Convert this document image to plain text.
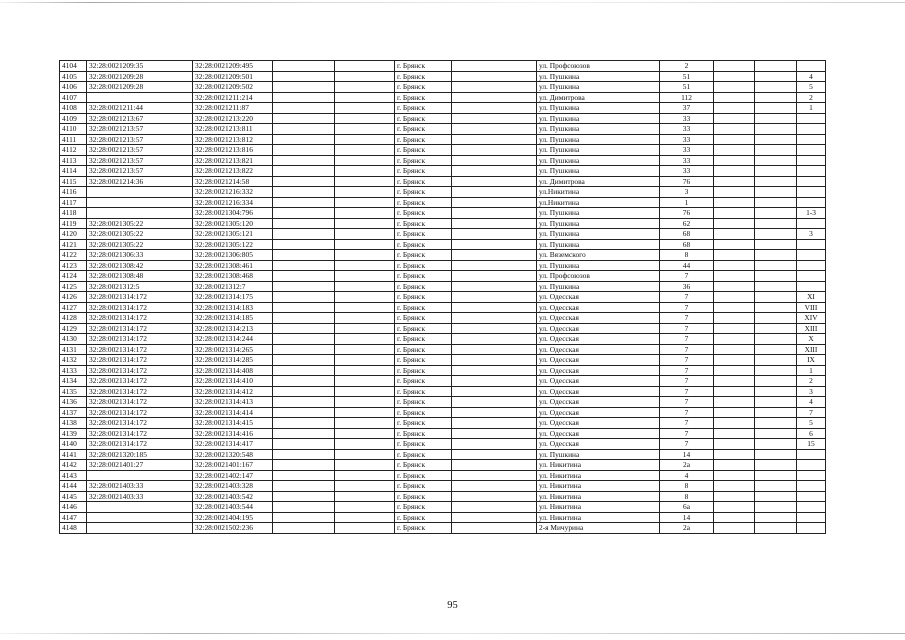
4104	32:28:0021209:35	32:28:0021209:495			г. Брянск		ул. Профсоюзов	2			
4105	32:28:0021209:28	32:28:0021209:501			г. Брянск		ул. Пушкина	51			4
4106	32:28:0021209:28	32:28:0021209:502			г. Брянск		ул. Пушкина	51			5
4107		32:28:0021211:214			г. Брянск		ул. Димитрова	112			2
4108	32:28:0021211:44	32:28:0021211:87			г. Брянск		ул. Пушкина	37			1
4109	32:28:0021213:67	32:28:0021213:220			г. Брянск		ул. Пушкина	33			
4110	32:28:0021213:57	32:28:0021213:811			г. Брянск		ул. Пушкина	33			
4111	32:28:0021213:57	32:28:0021213:812			г. Брянск		ул. Пушкина	33			
4112	32:28:0021213:57	32:28:0021213:816			г. Брянск		ул. Пушкина	33			
4113	32:28:0021213:57	32:28:0021213:821			г. Брянск		ул. Пушкина	33			
4114	32:28:0021213:57	32:28:0021213:822			г. Брянск		ул. Пушкина	33			
4115	32:28:0021214:36	32:28:0021214:58			г. Брянск		ул. Димитрова	76			
4116		32:28:0021216:332			г. Брянск		ул.Никитина	3			
4117		32:28:0021216:334			г. Брянск		ул.Никитина	1			
4118		32:28:0021304:796			г. Брянск		ул. Пушкина	76			1-3
4119	32:28:0021305:22	32:28:0021305:120			г. Брянск		ул. Пушкина	62			
4120	32:28:0021305:22	32:28:0021305:121			г. Брянск		ул. Пушкина	68			3
4121	32:28:0021305:22	32:28:0021305:122			г. Брянск		ул. Пушкина	68			
4122	32:28:0021306:33	32:28:0021306:805			г. Брянск		ул. Вяземского	8			
4123	32:28:0021308:42	32:28:0021308:461			г. Брянск		ул. Пушкина	44			
4124	32:28:0021308:48	32:28:0021308:468			г. Брянск		ул. Профсоюзов	7			
4125	32:28:0021312:5	32:28:0021312:7			г. Брянск		ул. Пушкина	36			
4126	32:28:0021314:172	32:28:0021314:175			г. Брянск		ул. Одесская	7			XI
4127	32:28:0021314:172	32:28:0021314:183			г. Брянск		ул. Одесская	7			VIII
4128	32:28:0021314:172	32:28:0021314:185			г. Брянск		ул. Одесская	7			XIV
4129	32:28:0021314:172	32:28:0021314:213			г. Брянск		ул. Одесская	7			XIII
4130	32:28:0021314:172	32:28:0021314:244			г. Брянск		ул. Одесская	7			X
4131	32:28:0021314:172	32:28:0021314:265			г. Брянск		ул. Одесская	7			XIII
4132	32:28:0021314:172	32:28:0021314:285			г. Брянск		ул. Одесская	7			IX
4133	32:28:0021314:172	32:28:0021314:408			г. Брянск		ул. Одесская	7			1
4134	32:28:0021314:172	32:28:0021314:410			г. Брянск		ул. Одесская	7			2
4135	32:28:0021314:172	32:28:0021314:412			г. Брянск		ул. Одесская	7			3
4136	32:28:0021314:172	32:28:0021314:413			г. Брянск		ул. Одесская	7			4
4137	32:28:0021314:172	32:28:0021314:414			г. Брянск		ул. Одесская	7			7
4138	32:28:0021314:172	32:28:0021314:415			г. Брянск		ул. Одесская	7			5
4139	32:28:0021314:172	32:28:0021314:416			г. Брянск		ул. Одесская	7			6
4140	32:28:0021314:172	32:28:0021314:417			г. Брянск		ул. Одесская	7			15
4141	32:28:0021320:185	32:28:0021320:548			г. Брянск		ул. Пушкина	14			
4142	32:28:0021401:27	32:28:0021401:167			г. Брянск		ул. Никитина	2а			
4143		32:28:0021402:147			г. Брянск		ул. Никитина	4			
4144	32:28:0021403:33	32:28:0021403:328			г. Брянск		ул. Никитина	8			
4145	32:28:0021403:33	32:28:0021403:542			г. Брянск		ул. Никитина	8			
4146		32:28:0021403:544			г. Брянск		ул. Никитина	6а			
4147		32:28:0021404:195			г. Брянск		ул. Никитина	14			
4148		32:28:0021502:236			г. Брянск		2-я Мичурина	2а			
95
